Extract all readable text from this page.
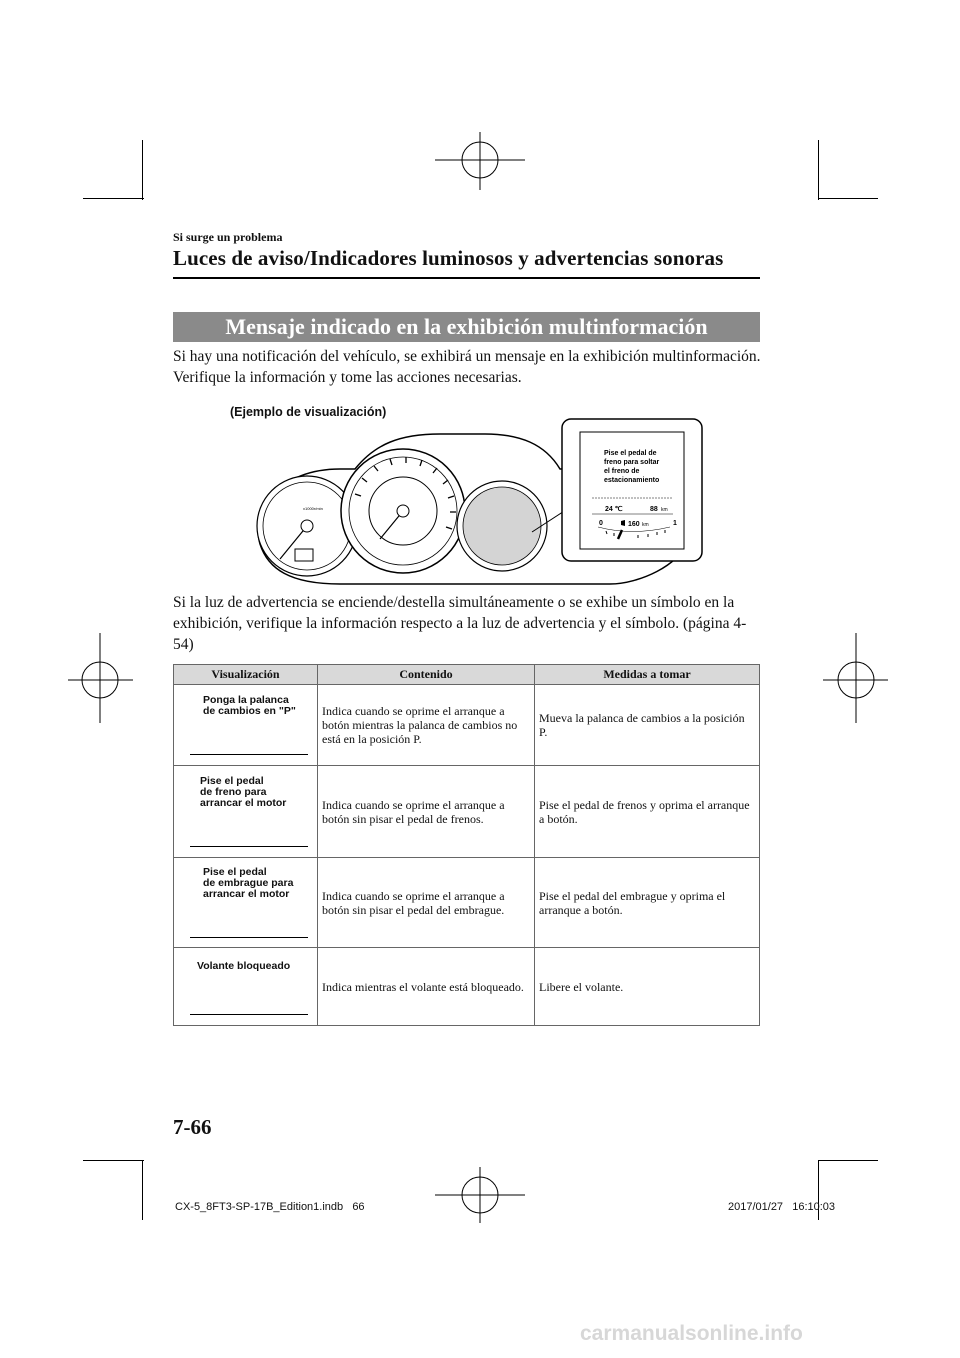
Si surge un problema
Luces de aviso/Indicadores luminosos y advertencias sonoras
Mensaje indicado en la exhibición multinformación
Si hay una notificación del vehículo, se exhibirá un mensaje en la exhibición multinformación. Verifique la información y tome las acciones necesarias.
(Ejemplo de visualización)
x1000r/min
Pise el pedal de
freno para soltar
el freno de
estacionamiento
24 ℃	88 km
0	1
160 km
Si la luz de advertencia se enciende/destella simultáneamente o se exhibe un símbolo en la exhibición, verifique la información respecto a la luz de advertencia y el símbolo. (página 4-54)
Visualización	Contenido	Medidas a tomar

Ponga la palanca
de cambios en "P"	Indica cuando se oprime el arranque a botón mientras la palanca de cambios no está en la posición P.	Mueva la palanca de cambios a la posición P.

Pise el pedal
de freno para
arrancar el motor	Indica cuando se oprime el arranque a botón sin pisar el pedal de frenos.	Pise el pedal de frenos y oprima el arranque a botón.

Pise el pedal
de embrague para
arrancar el motor	Indica cuando se oprime el arranque a botón sin pisar el pedal del embrague.	Pise el pedal del embrague y oprima el arranque a botón.

Volante bloqueado	Indica mientras el volante está bloqueado.	Libere el volante.
7-66
CX-5_8FT3-SP-17B_Edition1.indb   66	2017/01/27   16:10:03
carmanualsonline.info
